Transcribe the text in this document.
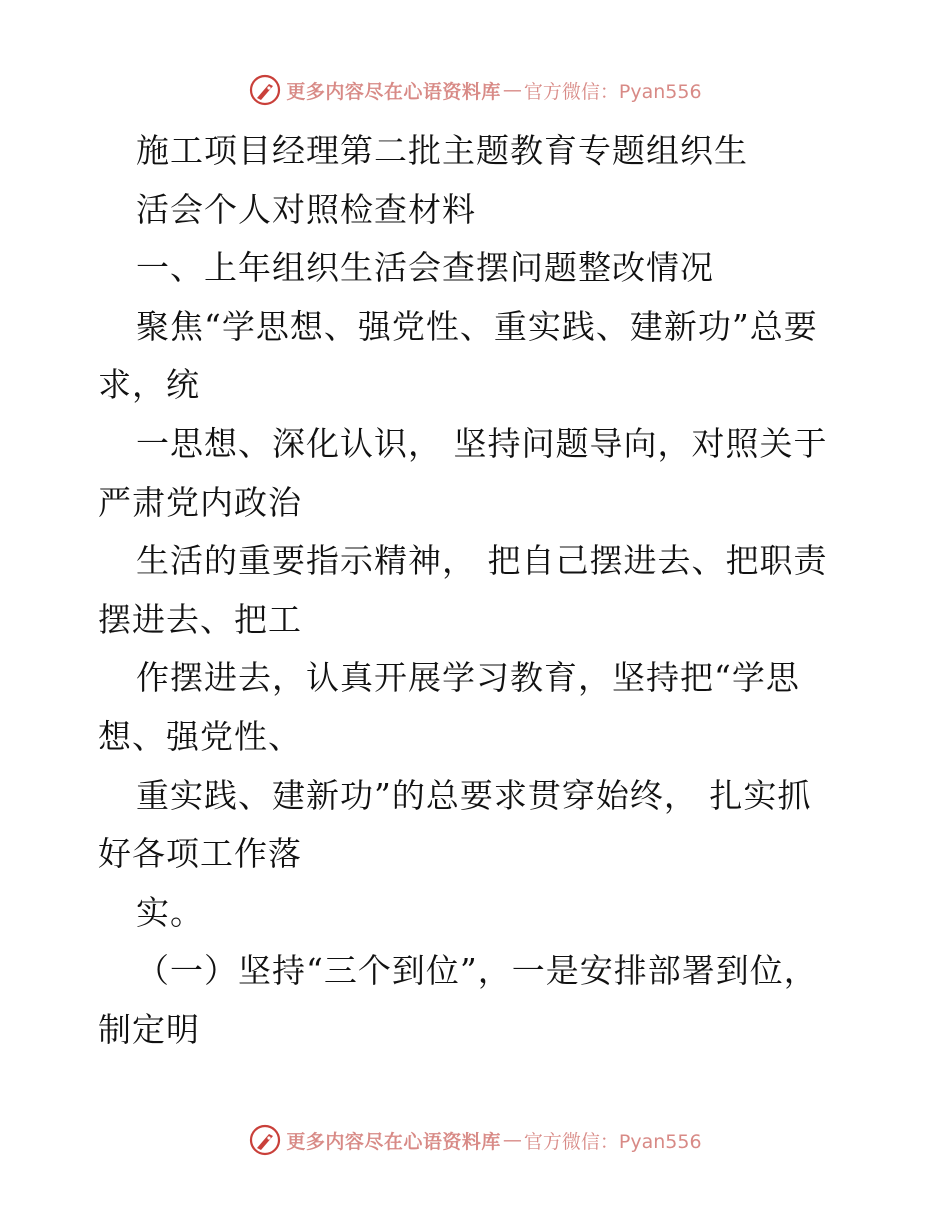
更多内容尽在心语资料库 — 官方微信：Pyan556
施工项目经理第二批主题教育专题组织生
活会个人对照检查材料
一、上年组织生活会查摆问题整改情况
聚焦“学思想、强党性、重实践、建新功”总要
求，统
一思想、深化认识， 坚持问题导向，对照关于
严肃党内政治
生活的重要指示精神， 把自己摆进去、把职责
摆进去、把工
作摆进去，认真开展学习教育，坚持把“学思
想、强党性、
重实践、建新功”的总要求贯穿始终， 扎实抓
好各项工作落
实。
（一）坚持“三个到位”，一是安排部署到位，
制定明
更多内容尽在心语资料库 — 官方微信：Pyan556
